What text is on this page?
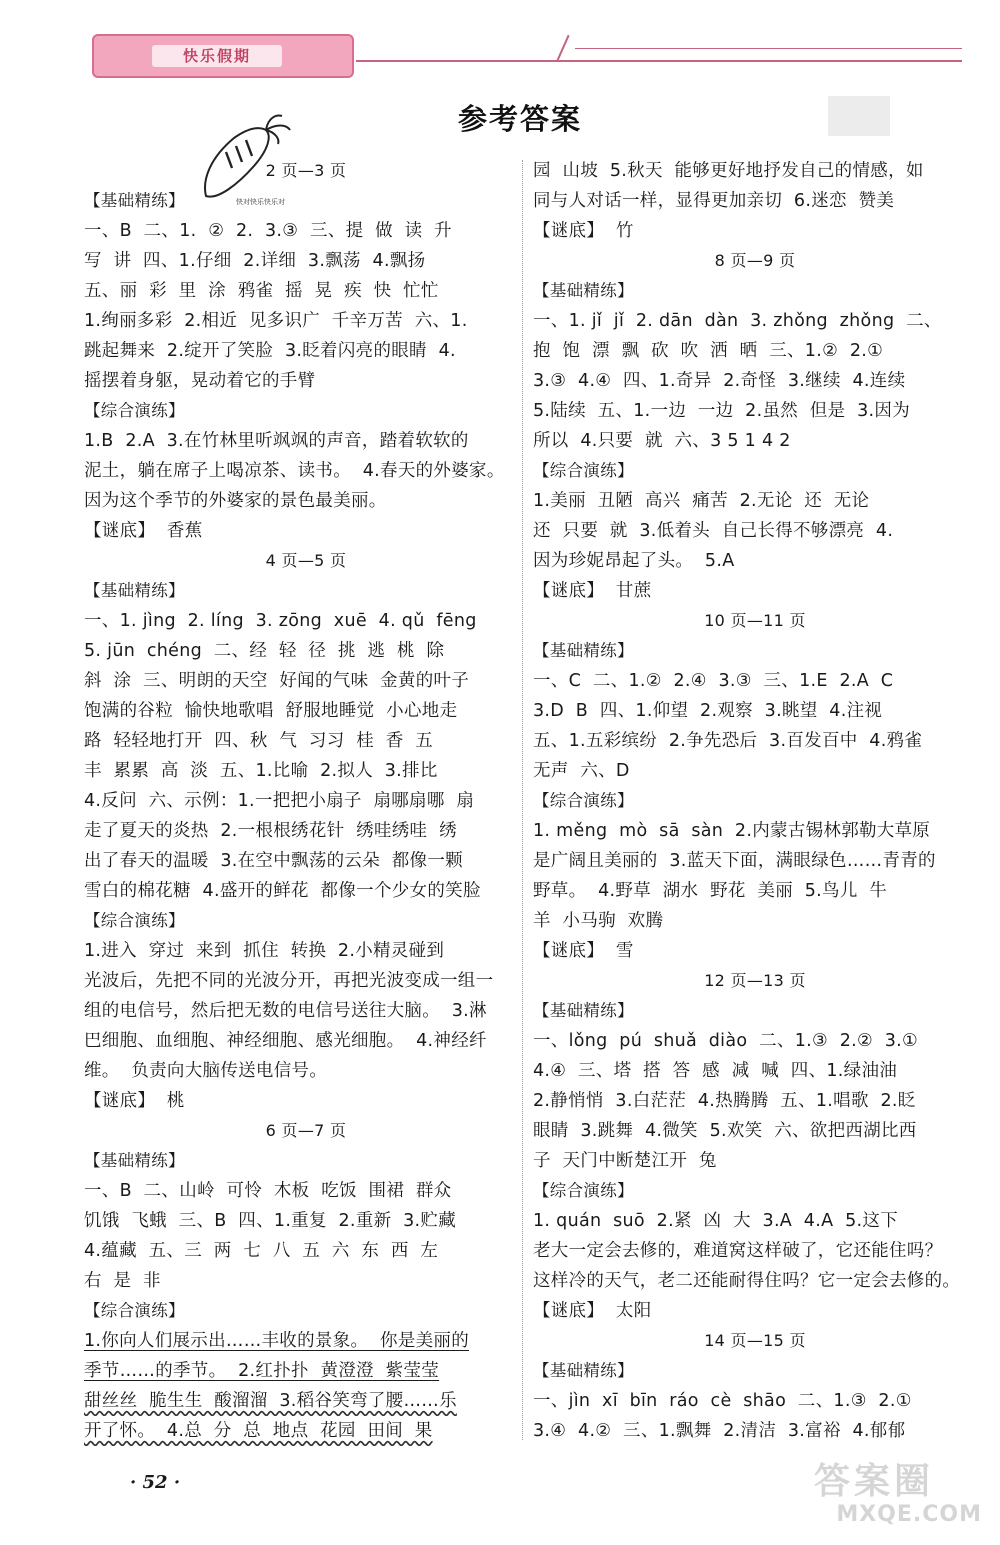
快乐假期
快对快乐快乐对
参考答案
2 页—3 页
【基础精练】
一、B  二、1.  ②  2.  3.③  三、提  做  读  升
写  讲  四、1.仔细  2.详细  3.飘荡  4.飘扬
五、丽  彩  里  涂  鸦雀  摇  晃  疾  快  忙忙
1.绚丽多彩  2.相近  见多识广  千辛万苦  六、1.
跳起舞来  2.绽开了笑脸  3.眨着闪亮的眼睛  4.
摇摆着身躯，晃动着它的手臂
【综合演练】
1.B  2.A  3.在竹林里听飒飒的声音，踏着软软的
泥土，躺在席子上喝凉茶、读书。  4.春天的外婆家。
因为这个季节的外婆家的景色最美丽。
【谜底】  香蕉
4 页—5 页
【基础精练】
一、1. jìng  2. líng  3. zōng  xuē  4. qǔ  fēng
5. jūn  chéng  二、经  轻  径  挑  逃  桃  除
斜  涂  三、明朗的天空  好闻的气味  金黄的叶子
饱满的谷粒  愉快地歌唱  舒服地睡觉  小心地走
路  轻轻地打开  四、秋  气  习习  桂  香  五
丰  累累  高  淡  五、1.比喻  2.拟人  3.排比
4.反问  六、示例：1.一把把小扇子  扇哪扇哪  扇
走了夏天的炎热  2.一根根绣花针  绣哇绣哇  绣
出了春天的温暖  3.在空中飘荡的云朵  都像一颗
雪白的棉花糖  4.盛开的鲜花  都像一个少女的笑脸
【综合演练】
1.进入  穿过  来到  抓住  转换  2.小精灵碰到
光波后，先把不同的光波分开，再把光波变成一组一
组的电信号，然后把无数的电信号送往大脑。  3.淋
巴细胞、血细胞、神经细胞、感光细胞。  4.神经纤
维。  负责向大脑传送电信号。
【谜底】  桃
6 页—7 页
【基础精练】
一、B  二、山岭  可怜  木板  吃饭  围裙  群众
饥饿  飞蛾  三、B  四、1.重复  2.重新  3.贮藏
4.蕴藏  五、三  两  七  八  五  六  东  西  左
右  是  非
【综合演练】
1.你向人们展示出……丰收的景象。  你是美丽的
季节……的季节。  2.红扑扑  黄澄澄  紫莹莹
甜丝丝  脆生生  酸溜溜  3.稻谷笑弯了腰……乐
开了怀。  4.总  分  总  地点  花园  田间  果
园  山坡  5.秋天  能够更好地抒发自己的情感，如
同与人对话一样，显得更加亲切  6.迷恋  赞美
【谜底】  竹
8 页—9 页
【基础精练】
一、1. jǐ  jǐ  2. dān  dàn  3. zhǒng  zhǒng  二、
抱  饱  漂  飘  砍  吹  洒  晒  三、1.②  2.①
3.③  4.④  四、1.奇异  2.奇怪  3.继续  4.连续
5.陆续  五、1.一边  一边  2.虽然  但是  3.因为
所以  4.只要  就  六、3 5 1 4 2
【综合演练】
1.美丽  丑陋  高兴  痛苦  2.无论  还  无论
还  只要  就  3.低着头  自己长得不够漂亮  4.
因为珍妮昂起了头。  5.A
【谜底】  甘蔗
10 页—11 页
【基础精练】
一、C  二、1.②  2.④  3.③  三、1.E  2.A  C
3.D  B  四、1.仰望  2.观察  3.眺望  4.注视
五、1.五彩缤纷  2.争先恐后  3.百发百中  4.鸦雀
无声  六、D
【综合演练】
1. měng  mò  sā  sàn  2.内蒙古锡林郭勒大草原
是广阔且美丽的  3.蓝天下面，满眼绿色……青青的
野草。  4.野草  湖水  野花  美丽  5.鸟儿  牛
羊  小马驹  欢腾
【谜底】  雪
12 页—13 页
【基础精练】
一、lǒng  pú  shuǎ  diào  二、1.③  2.②  3.①
4.④  三、塔  搭  答  感  减  喊  四、1.绿油油
2.静悄悄  3.白茫茫  4.热腾腾  五、1.唱歌  2.眨
眼睛  3.跳舞  4.微笑  5.欢笑  六、欲把西湖比西
子  天门中断楚江开  兔
【综合演练】
1. quán  suō  2.紧  凶  大  3.A  4.A  5.这下
老大一定会去修的，难道窝这样破了，它还能住吗？
这样冷的天气，老二还能耐得住吗？它一定会去修的。
【谜底】  太阳
14 页—15 页
【基础精练】
一、jìn  xī  bīn  ráo  cè  shāo  二、1.③  2.①
3.④  4.②  三、1.飘舞  2.清洁  3.富裕  4.郁郁
· 52 ·	答案圈
MXQE.COM
